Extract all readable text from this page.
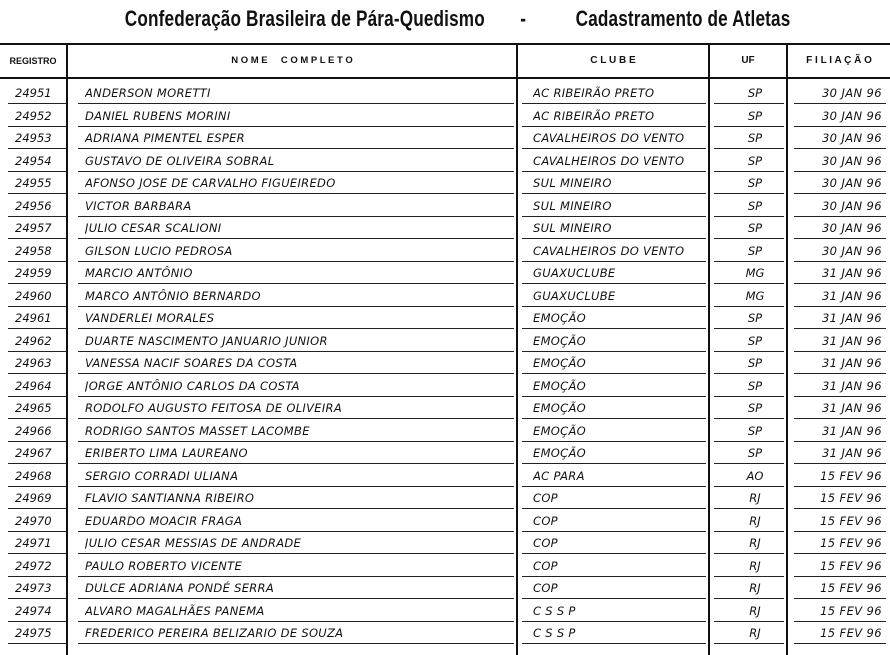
Confederação Brasileira de Pára-Quedismo - Cadastramento de Atletas
REGISTRO	N O M E     C O M P L E T O	C L U B E	UF	F I L I A Ç Ã O
24951	ANDERSON MORETTI	AC RIBEIRÃO PRETO	SP	30 JAN 96
24952	DANIEL RUBENS MORINI	AC RIBEIRÃO PRETO	SP	30 JAN 96
24953	ADRIANA PIMENTEL ESPER	CAVALHEIROS DO VENTO	SP	30 JAN 96
24954	GUSTAVO DE OLIVEIRA SOBRAL	CAVALHEIROS DO VENTO	SP	30 JAN 96
24955	AFONSO JOSE DE CARVALHO FIGUEIREDO	SUL MINEIRO	SP	30 JAN 96
24956	VICTOR BARBARA	SUL MINEIRO	SP	30 JAN 96
24957	JULIO CESAR SCALIONI	SUL MINEIRO	SP	30 JAN 96
24958	GILSON LUCIO PEDROSA	CAVALHEIROS DO VENTO	SP	30 JAN 96
24959	MARCIO ANTÔNIO	GUAXUCLUBE	MG	31 JAN 96
24960	MARCO ANTÔNIO BERNARDO	GUAXUCLUBE	MG	31 JAN 96
24961	VANDERLEI MORALES	EMOÇÃO	SP	31 JAN 96
24962	DUARTE NASCIMENTO JANUARIO JUNIOR	EMOÇÃO	SP	31 JAN 96
24963	VANESSA NACIF SOARES DA COSTA	EMOÇÃO	SP	31 JAN 96
24964	JORGE ANTÔNIO CARLOS DA COSTA	EMOÇÃO	SP	31 JAN 96
24965	RODOLFO AUGUSTO FEITOSA DE OLIVEIRA	EMOÇÃO	SP	31 JAN 96
24966	RODRIGO SANTOS MASSET LACOMBE	EMOÇÃO	SP	31 JAN 96
24967	ERIBERTO LIMA LAUREANO	EMOÇÃO	SP	31 JAN 96
24968	SERGIO CORRADI ULIANA	AC PARA	AO	15 FEV 96
24969	FLAVIO SANTIANNA RIBEIRO	COP	RJ	15 FEV 96
24970	EDUARDO MOACIR FRAGA	COP	RJ	15 FEV 96
24971	JULIO CESAR MESSIAS DE ANDRADE	COP	RJ	15 FEV 96
24972	PAULO ROBERTO VICENTE	COP	RJ	15 FEV 96
24973	DULCE ADRIANA PONDÉ SERRA	COP	RJ	15 FEV 96
24974	ALVARO MAGALHÃES PANEMA	C S S P	RJ	15 FEV 96
24975	FREDERICO PEREIRA BELIZARIO DE SOUZA	C S S P	RJ	15 FEV 96
